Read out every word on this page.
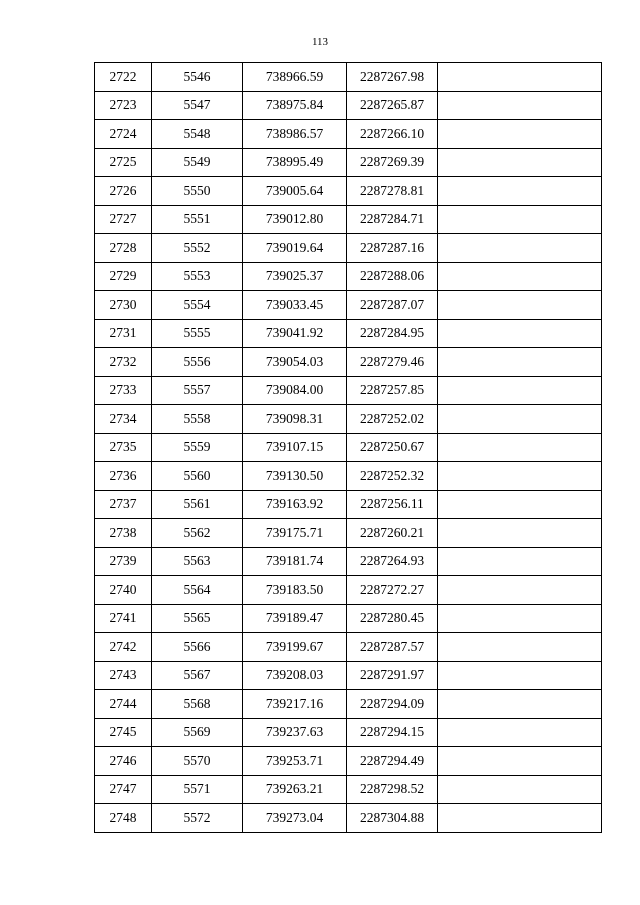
113
2722	5546	738966.59	2287267.98	
2723	5547	738975.84	2287265.87	
2724	5548	738986.57	2287266.10	
2725	5549	738995.49	2287269.39	
2726	5550	739005.64	2287278.81	
2727	5551	739012.80	2287284.71	
2728	5552	739019.64	2287287.16	
2729	5553	739025.37	2287288.06	
2730	5554	739033.45	2287287.07	
2731	5555	739041.92	2287284.95	
2732	5556	739054.03	2287279.46	
2733	5557	739084.00	2287257.85	
2734	5558	739098.31	2287252.02	
2735	5559	739107.15	2287250.67	
2736	5560	739130.50	2287252.32	
2737	5561	739163.92	2287256.11	
2738	5562	739175.71	2287260.21	
2739	5563	739181.74	2287264.93	
2740	5564	739183.50	2287272.27	
2741	5565	739189.47	2287280.45	
2742	5566	739199.67	2287287.57	
2743	5567	739208.03	2287291.97	
2744	5568	739217.16	2287294.09	
2745	5569	739237.63	2287294.15	
2746	5570	739253.71	2287294.49	
2747	5571	739263.21	2287298.52	
2748	5572	739273.04	2287304.88	
